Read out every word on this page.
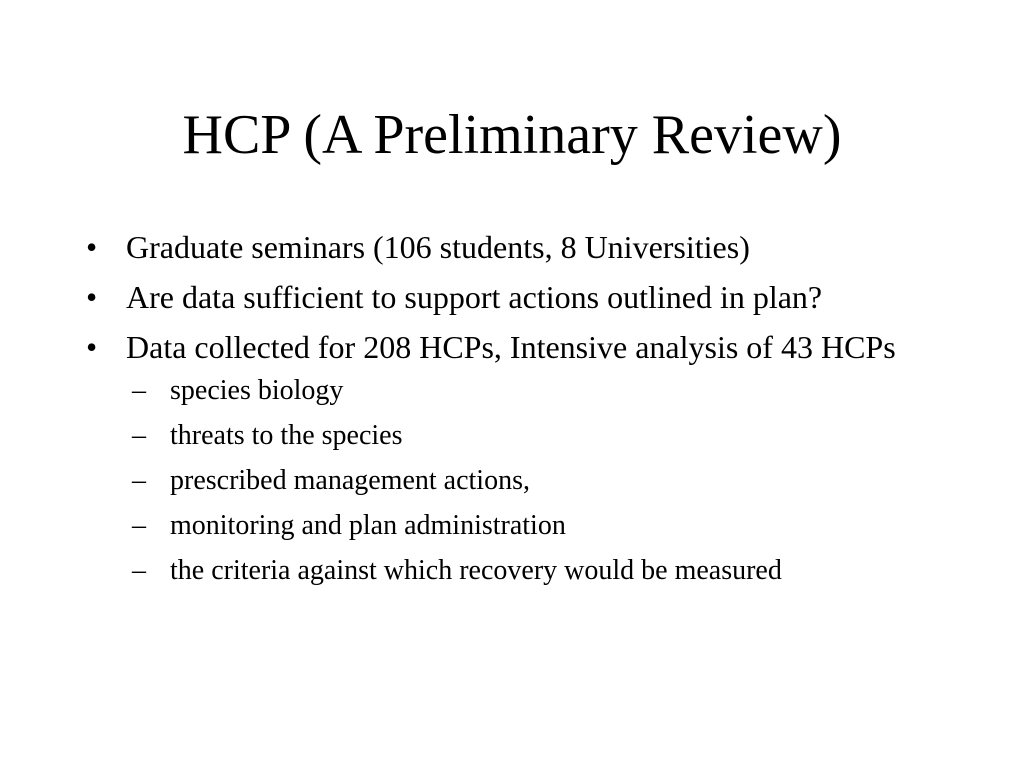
HCP (A Preliminary Review)
• Graduate seminars (106 students, 8 Universities)
• Are data sufficient to support actions outlined in plan?
• Data collected for 208 HCPs, Intensive analysis of 43 HCPs
– species biology
– threats to the species
– prescribed management actions,
– monitoring and plan administration
– the criteria against which recovery would be measured
